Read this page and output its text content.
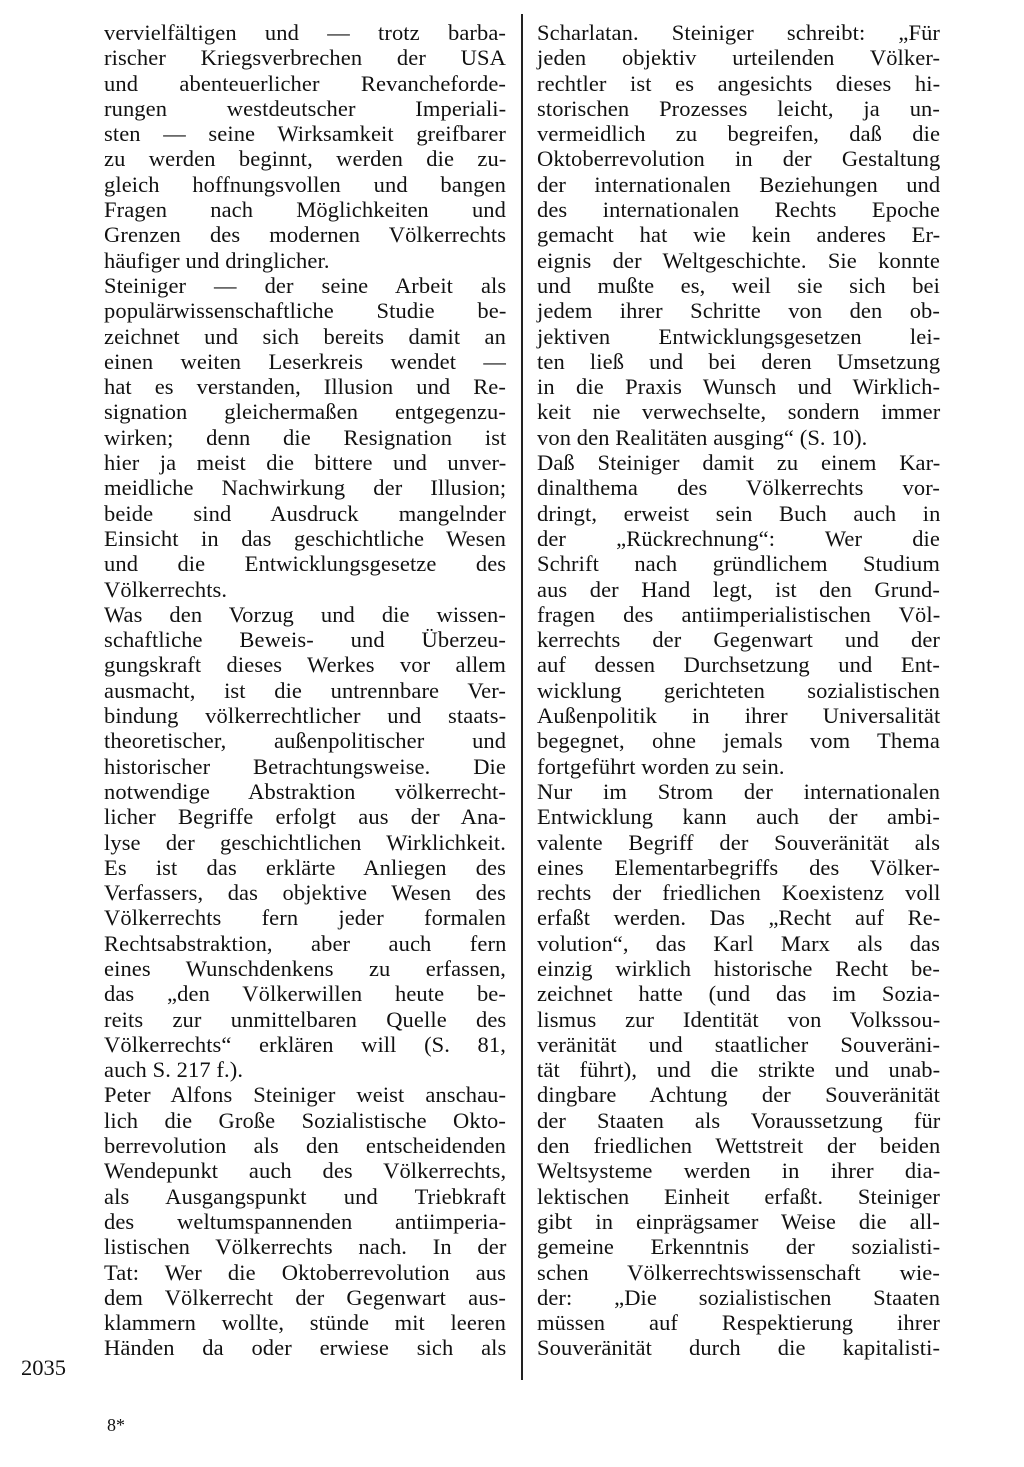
vervielfältigen und — trotz barba-
rischer Kriegsverbrechen der USA
und abenteuerlicher Revancheforde-
rungen westdeutscher Imperiali-
sten — seine Wirksamkeit greifbarer
zu werden beginnt, werden die zu-
gleich hoffnungsvollen und bangen
Fragen nach Möglichkeiten und
Grenzen des modernen Völkerrechts
häufiger und dringlicher.
Steiniger — der seine Arbeit als
populärwissenschaftliche Studie be-
zeichnet und sich bereits damit an
einen weiten Leserkreis wendet —
hat es verstanden, Illusion und Re-
signation gleichermaßen entgegenzu-
wirken; denn die Resignation ist
hier ja meist die bittere und unver-
meidliche Nachwirkung der Illusion;
beide sind Ausdruck mangelnder
Einsicht in das geschichtliche Wesen
und die Entwicklungsgesetze des
Völkerrechts.
Was den Vorzug und die wissen-
schaftliche Beweis- und Überzeu-
gungskraft dieses Werkes vor allem
ausmacht, ist die untrennbare Ver-
bindung völkerrechtlicher und staats-
theoretischer, außenpolitischer und
historischer Betrachtungsweise. Die
notwendige Abstraktion völkerrecht-
licher Begriffe erfolgt aus der Ana-
lyse der geschichtlichen Wirklichkeit.
Es ist das erklärte Anliegen des
Verfassers, das objektive Wesen des
Völkerrechts fern jeder formalen
Rechtsabstraktion, aber auch fern
eines Wunschdenkens zu erfassen,
das „den Völkerwillen heute be-
reits zur unmittelbaren Quelle des
Völkerrechts“ erklären will (S. 81,
auch S. 217 f.).
Peter Alfons Steiniger weist anschau-
lich die Große Sozialistische Okto-
berrevolution als den entscheidenden
Wendepunkt auch des Völkerrechts,
als Ausgangspunkt und Triebkraft
des weltumspannenden antiimperia-
listischen Völkerrechts nach. In der
Tat: Wer die Oktoberrevolution aus
dem Völkerrecht der Gegenwart aus-
klammern wollte, stünde mit leeren
Händen da oder erwiese sich als
Scharlatan. Steiniger schreibt: „Für
jeden objektiv urteilenden Völker-
rechtler ist es angesichts dieses hi-
storischen Prozesses leicht, ja un-
vermeidlich zu begreifen, daß die
Oktoberrevolution in der Gestaltung
der internationalen Beziehungen und
des internationalen Rechts Epoche
gemacht hat wie kein anderes Er-
eignis der Weltgeschichte. Sie konnte
und mußte es, weil sie sich bei
jedem ihrer Schritte von den ob-
jektiven Entwicklungsgesetzen lei-
ten ließ und bei deren Umsetzung
in die Praxis Wunsch und Wirklich-
keit nie verwechselte, sondern immer
von den Realitäten ausging“ (S. 10).
Daß Steiniger damit zu einem Kar-
dinalthema des Völkerrechts vor-
dringt, erweist sein Buch auch in
der „Rückrechnung“: Wer die
Schrift nach gründlichem Studium
aus der Hand legt, ist den Grund-
fragen des antiimperialistischen Völ-
kerrechts der Gegenwart und der
auf dessen Durchsetzung und Ent-
wicklung gerichteten sozialistischen
Außenpolitik in ihrer Universalität
begegnet, ohne jemals vom Thema
fortgeführt worden zu sein.
Nur im Strom der internationalen
Entwicklung kann auch der ambi-
valente Begriff der Souveränität als
eines Elementarbegriffs des Völker-
rechts der friedlichen Koexistenz voll
erfaßt werden. Das „Recht auf Re-
volution“, das Karl Marx als das
einzig wirklich historische Recht be-
zeichnet hatte (und das im Sozia-
lismus zur Identität von Volkssou-
veränität und staatlicher Souveräni-
tät führt), und die strikte und unab-
dingbare Achtung der Souveränität
der Staaten als Voraussetzung für
den friedlichen Wettstreit der beiden
Weltsysteme werden in ihrer dia-
lektischen Einheit erfaßt. Steiniger
gibt in einprägsamer Weise die all-
gemeine Erkenntnis der sozialisti-
schen Völkerrechtswissenschaft wie-
der: „Die sozialistischen Staaten
müssen auf Respektierung ihrer
Souveränität durch die kapitalisti-
2035
8*
